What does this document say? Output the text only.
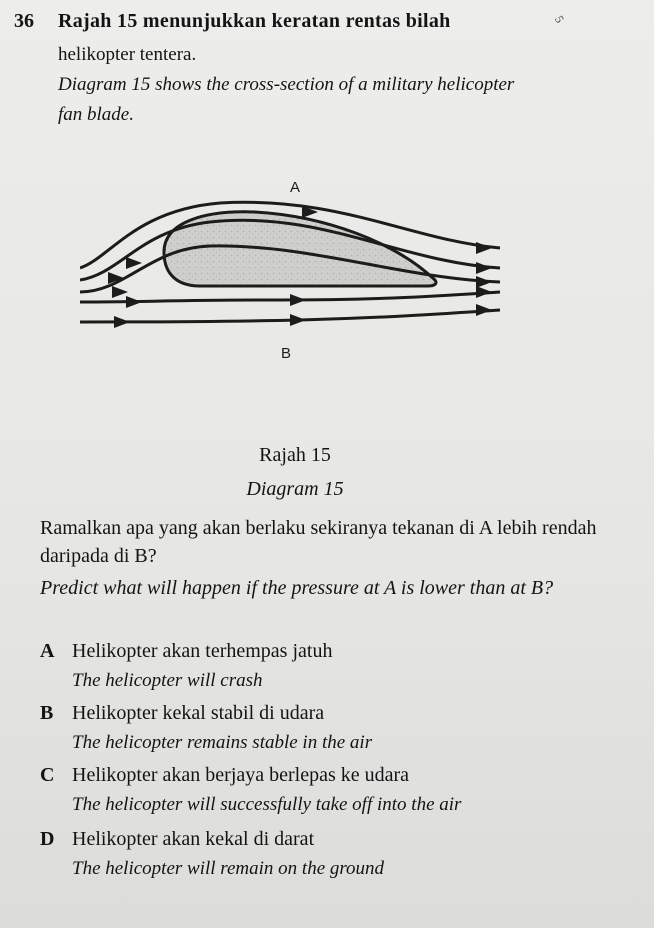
36 Rajah 15 menunjukkan keratan rentas bilah
helikopter tentera.
Diagram 15 shows the cross-section of a military helicopter
fan blade.
5
A
B
Rajah 15
Diagram 15
Ramalkan apa yang akan berlaku sekiranya tekanan di A lebih rendah daripada di B?
Predict what will happen if the pressure at A is lower than at B?
A Helikopter akan terhempas jatuh
The helicopter will crash
B Helikopter kekal stabil di udara
The helicopter remains stable in the air
C Helikopter akan berjaya berlepas ke udara
The helicopter will successfully take off into the air
D Helikopter akan kekal di darat
The helicopter will remain on the ground
